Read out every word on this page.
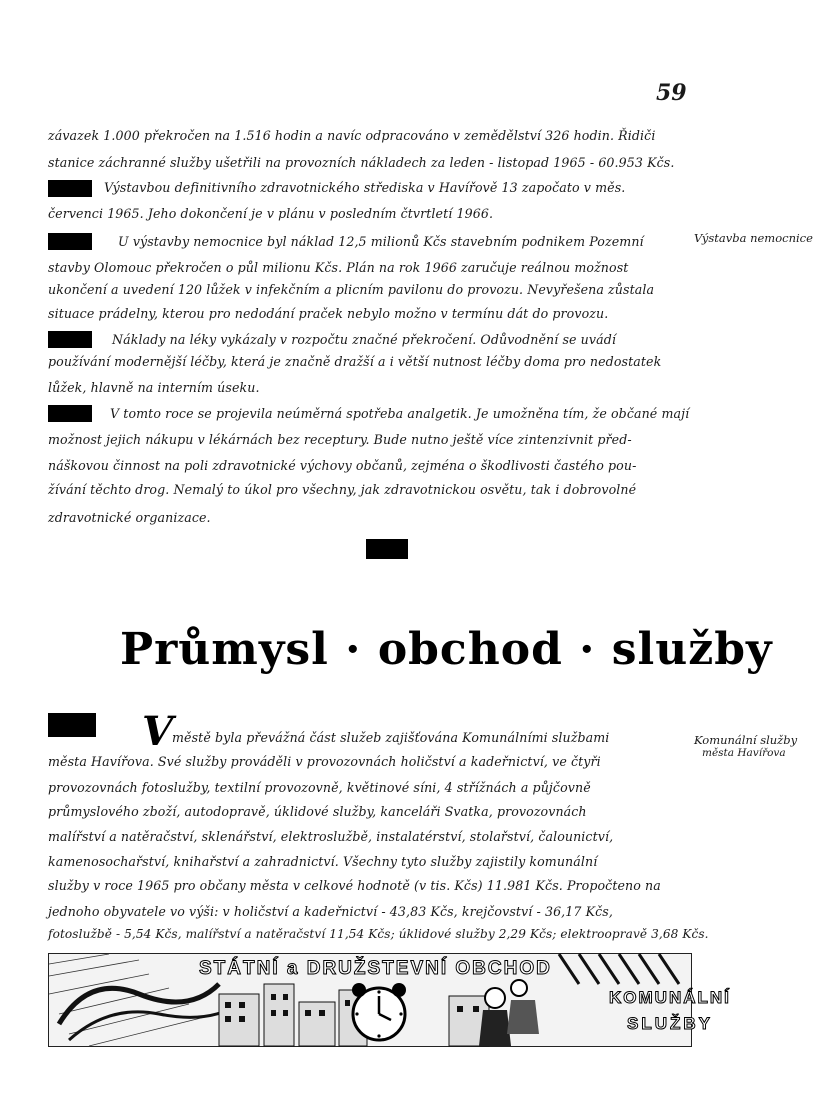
59
závazek 1.000 překročen na 1.516 hodin a navíc odpracováno v zemědělství 326 hodin. Řidiči
stanice záchranné služby ušetřili na provozních nákladech za leden - listopad 1965 - 60.953 Kčs.
Výstavbou definitivního zdravotnického střediska v Havířově 13 započato v měs.
červenci 1965. Jeho dokončení je v plánu v posledním čtvrtletí 1966.
U výstavby nemocnice byl náklad 12,5 milionů Kčs stavebním podnikem Pozemní
stavby Olomouc překročen o půl milionu Kčs. Plán na rok 1966 zaručuje reálnou možnost
ukončení a uvedení 120 lůžek v infekčním a plicním pavilonu do provozu. Nevyřešena zůstala
situace prádelny, kterou pro nedodání praček nebylo možno v termínu dát do provozu.
Náklady na léky vykázaly v rozpočtu značné překročení. Odůvodnění se uvádí
používání modernější léčby, která je značně dražší a i větší nutnost léčby doma pro nedostatek
lůžek, hlavně na interním úseku.
V tomto roce se projevila neúměrná spotřeba analgetik. Je umožněna tím, že občané mají
možnost jejich nákupu v lékárnách bez receptury. Bude nutno ještě více zintenzivnit před-
náškovou činnost na poli zdravotnické výchovy občanů, zejména o škodlivosti častého pou-
žívání těchto drog. Nemalý to úkol pro všechny, jak zdravotnickou osvětu, tak i dobrovolné
zdravotnické organizace.
Výstavba nemocnice
Komunální služby
města Havířova
Průmysl · obchod · služby
V
městě byla převážná část služeb zajišťována Komunálními službami
města Havířova. Své služby prováděli v provozovnách holičství a kadeřnictví, ve čtyři
provozovnách fotoslužby, textilní provozovně, květinové síni, 4 střížnách a půjčovně
průmyslového zboží, autodopravě, úklidové služby, kanceláři Svatka, provozovnách
malířství a natěračství, sklenářství, elektroslužbě, instalatérství, stolařství, čalounictví,
kamenosochařství, knihařství a zahradnictví. Všechny tyto služby zajistily komunální
služby v roce 1965 pro občany města v celkové hodnotě (v tis. Kčs) 11.981 Kčs. Propočteno na
jednoho obyvatele vo výši: v holičství a kadeřnictví - 43,83 Kčs, krejčovství - 36,17 Kčs,
fotoslužbě - 5,54 Kčs, malířství a natěračství 11,54 Kčs; úklidové služby 2,29 Kčs; elektroopravě 3,68 Kčs.
STÁTNÍ a DRUŽSTEVNÍ OBCHOD
KOMUNÁLNÍ
SLUŽBY
